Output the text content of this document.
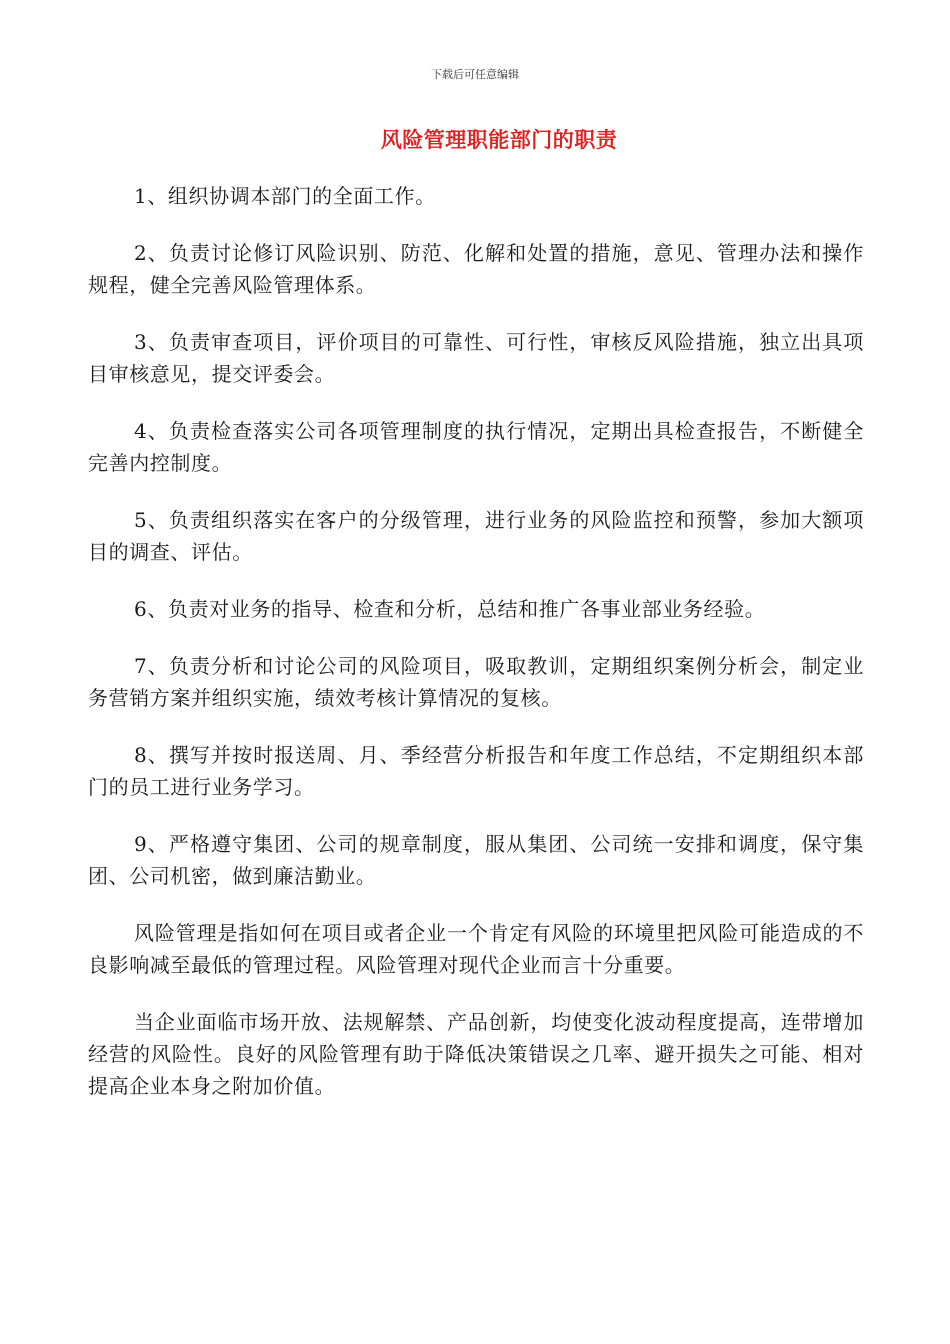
下载后可任意编辑
风险管理职能部门的职责

1、组织协调本部门的全面工作。

2、负责讨论修订风险识别、防范、化解和处置的措施，意见、管理办法和操作规程，健全完善风险管理体系。

3、负责审查项目，评价项目的可靠性、可行性，审核反风险措施，独立出具项目审核意见，提交评委会。

4、负责检查落实公司各项管理制度的执行情况，定期出具检查报告，不断健全完善内控制度。

5、负责组织落实在客户的分级管理，进行业务的风险监控和预警，参加大额项目的调查、评估。

6、负责对业务的指导、检查和分析，总结和推广各事业部业务经验。

7、负责分析和讨论公司的风险项目，吸取教训，定期组织案例分析会，制定业务营销方案并组织实施，绩效考核计算情况的复核。

8、撰写并按时报送周、月、季经营分析报告和年度工作总结，不定期组织本部门的员工进行业务学习。

9、严格遵守集团、公司的规章制度，服从集团、公司统一安排和调度，保守集团、公司机密，做到廉洁勤业。

风险管理是指如何在项目或者企业一个肯定有风险的环境里把风险可能造成的不良影响减至最低的管理过程。风险管理对现代企业而言十分重要。

当企业面临市场开放、法规解禁、产品创新，均使变化波动程度提高，连带增加经营的风险性。良好的风险管理有助于降低决策错误之几率、避开损失之可能、相对提高企业本身之附加价值。
